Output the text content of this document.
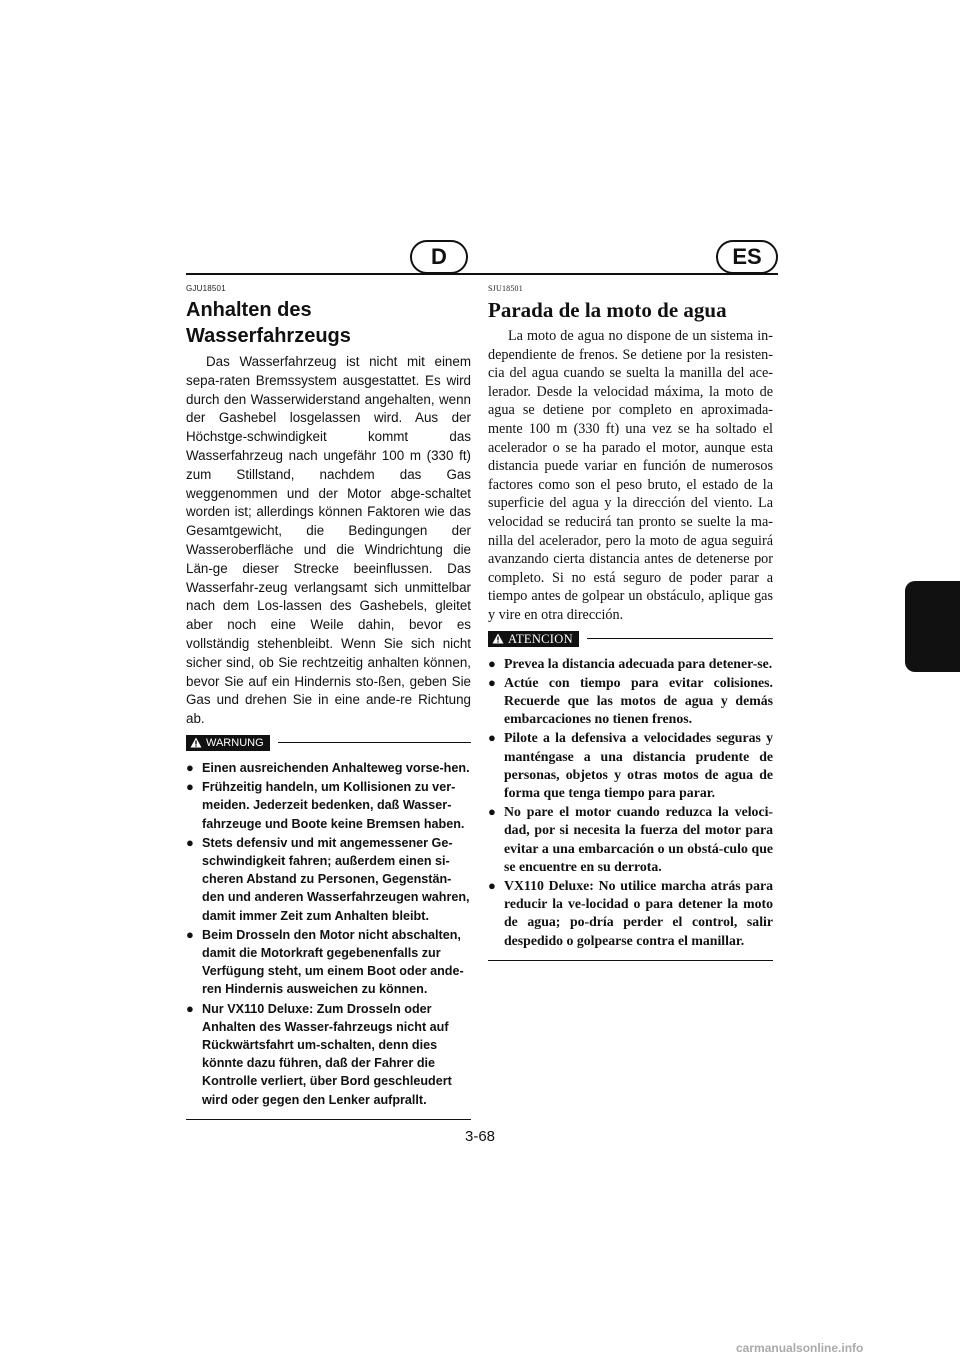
D	ES

GJU18501

Anhalten des Wasserfahrzeugs

Das Wasserfahrzeug ist nicht mit einem sepa-raten Bremssystem ausgestattet. Es wird durch den Wasserwiderstand angehalten, wenn der Gashebel losgelassen wird. Aus der Höchstge-schwindigkeit kommt das Wasserfahrzeug nach ungefähr 100 m (330 ft) zum Stillstand, nachdem das Gas weggenommen und der Motor abge-schaltet worden ist; allerdings können Faktoren wie das Gesamtgewicht, die Bedingungen der Wasseroberfläche und die Windrichtung die Län-ge dieser Strecke beeinflussen. Das Wasserfahr-zeug verlangsamt sich unmittelbar nach dem Los-lassen des Gashebels, gleitet aber noch eine Weile dahin, bevor es vollständig stehenbleibt. Wenn Sie sich nicht sicher sind, ob Sie rechtzeitig anhalten können, bevor Sie auf ein Hindernis sto-ßen, geben Sie Gas und drehen Sie in eine ande-re Richtung ab.

WARNUNG
● Einen ausreichenden Anhalteweg vorse-hen.
● Frühzeitig handeln, um Kollisionen zu ver-meiden. Jederzeit bedenken, daß Wasser-fahrzeuge und Boote keine Bremsen haben.
● Stets defensiv und mit angemessener Ge-schwindigkeit fahren; außerdem einen si-cheren Abstand zu Personen, Gegenstän-den und anderen Wasserfahrzeugen wahren, damit immer Zeit zum Anhalten bleibt.
● Beim Drosseln den Motor nicht abschalten, damit die Motorkraft gegebenenfalls zur Verfügung steht, um einem Boot oder ande-ren Hindernis ausweichen zu können.
● Nur VX110 Deluxe: Zum Drosseln oder Anhalten des Wasser-fahrzeugs nicht auf Rückwärtsfahrt um-schalten, denn dies könnte dazu führen, daß der Fahrer die Kontrolle verliert, über Bord geschleudert wird oder gegen den Lenker aufprallt.

SJU18501

Parada de la moto de agua

La moto de agua no dispone de un sistema in-dependiente de frenos. Se detiene por la resisten-cia del agua cuando se suelta la manilla del ace-lerador. Desde la velocidad máxima, la moto de agua se detiene por completo en aproximada-mente 100 m (330 ft) una vez se ha soltado el acelerador o se ha parado el motor, aunque esta distancia puede variar en función de numerosos factores como son el peso bruto, el estado de la superficie del agua y la dirección del viento. La velocidad se reducirá tan pronto se suelte la ma-nilla del acelerador, pero la moto de agua seguirá avanzando cierta distancia antes de detenerse por completo. Si no está seguro de poder parar a tiempo antes de golpear un obstáculo, aplique gas y vire en otra dirección.

ATENCION
● Prevea la distancia adecuada para detener-se.
● Actúe con tiempo para evitar colisiones. Recuerde que las motos de agua y demás embarcaciones no tienen frenos.
● Pilote a la defensiva a velocidades seguras y manténgase a una distancia prudente de personas, objetos y otras motos de agua de forma que tenga tiempo para parar.
● No pare el motor cuando reduzca la veloci-dad, por si necesita la fuerza del motor para evitar a una embarcación o un obstá-culo que se encuentre en su derrota.
● VX110 Deluxe: No utilice marcha atrás para reducir la ve-locidad o para detener la moto de agua; po-dría perder el control, salir despedido o golpearse contra el manillar.
3-68
carmanualsonline.info
